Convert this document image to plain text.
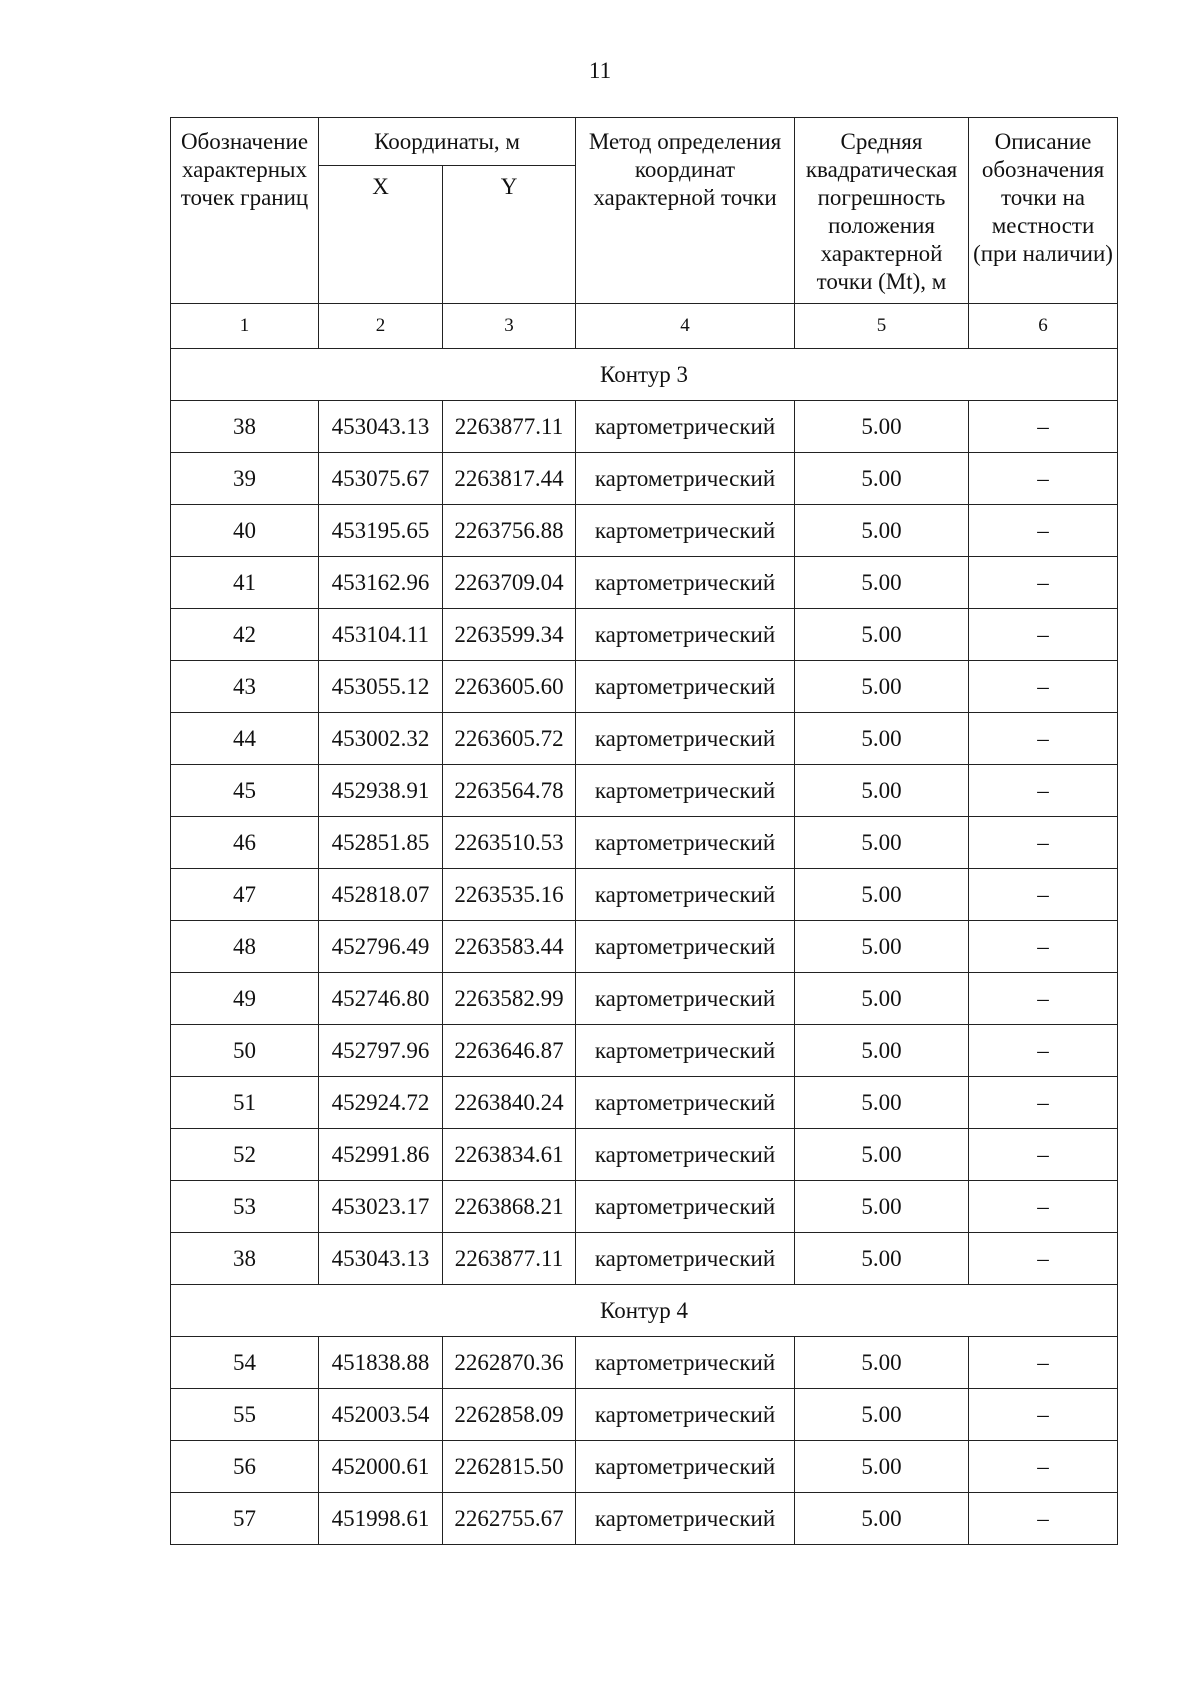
11
Обозначение характерных точек границ	Координаты, м		Метод определения координат характерной точки	Средняя квадратическая погрешность положения характерной точки (Mt), м	Описание обозначения точки на местности (при наличии)
	X	Y			
1	2	3	4	5	6
Контур 3					
38	453043.13	2263877.11	картометрический	5.00	–
39	453075.67	2263817.44	картометрический	5.00	–
40	453195.65	2263756.88	картометрический	5.00	–
41	453162.96	2263709.04	картометрический	5.00	–
42	453104.11	2263599.34	картометрический	5.00	–
43	453055.12	2263605.60	картометрический	5.00	–
44	453002.32	2263605.72	картометрический	5.00	–
45	452938.91	2263564.78	картометрический	5.00	–
46	452851.85	2263510.53	картометрический	5.00	–
47	452818.07	2263535.16	картометрический	5.00	–
48	452796.49	2263583.44	картометрический	5.00	–
49	452746.80	2263582.99	картометрический	5.00	–
50	452797.96	2263646.87	картометрический	5.00	–
51	452924.72	2263840.24	картометрический	5.00	–
52	452991.86	2263834.61	картометрический	5.00	–
53	453023.17	2263868.21	картометрический	5.00	–
38	453043.13	2263877.11	картометрический	5.00	–
Контур 4					
54	451838.88	2262870.36	картометрический	5.00	–
55	452003.54	2262858.09	картометрический	5.00	–
56	452000.61	2262815.50	картометрический	5.00	–
57	451998.61	2262755.67	картометрический	5.00	–
